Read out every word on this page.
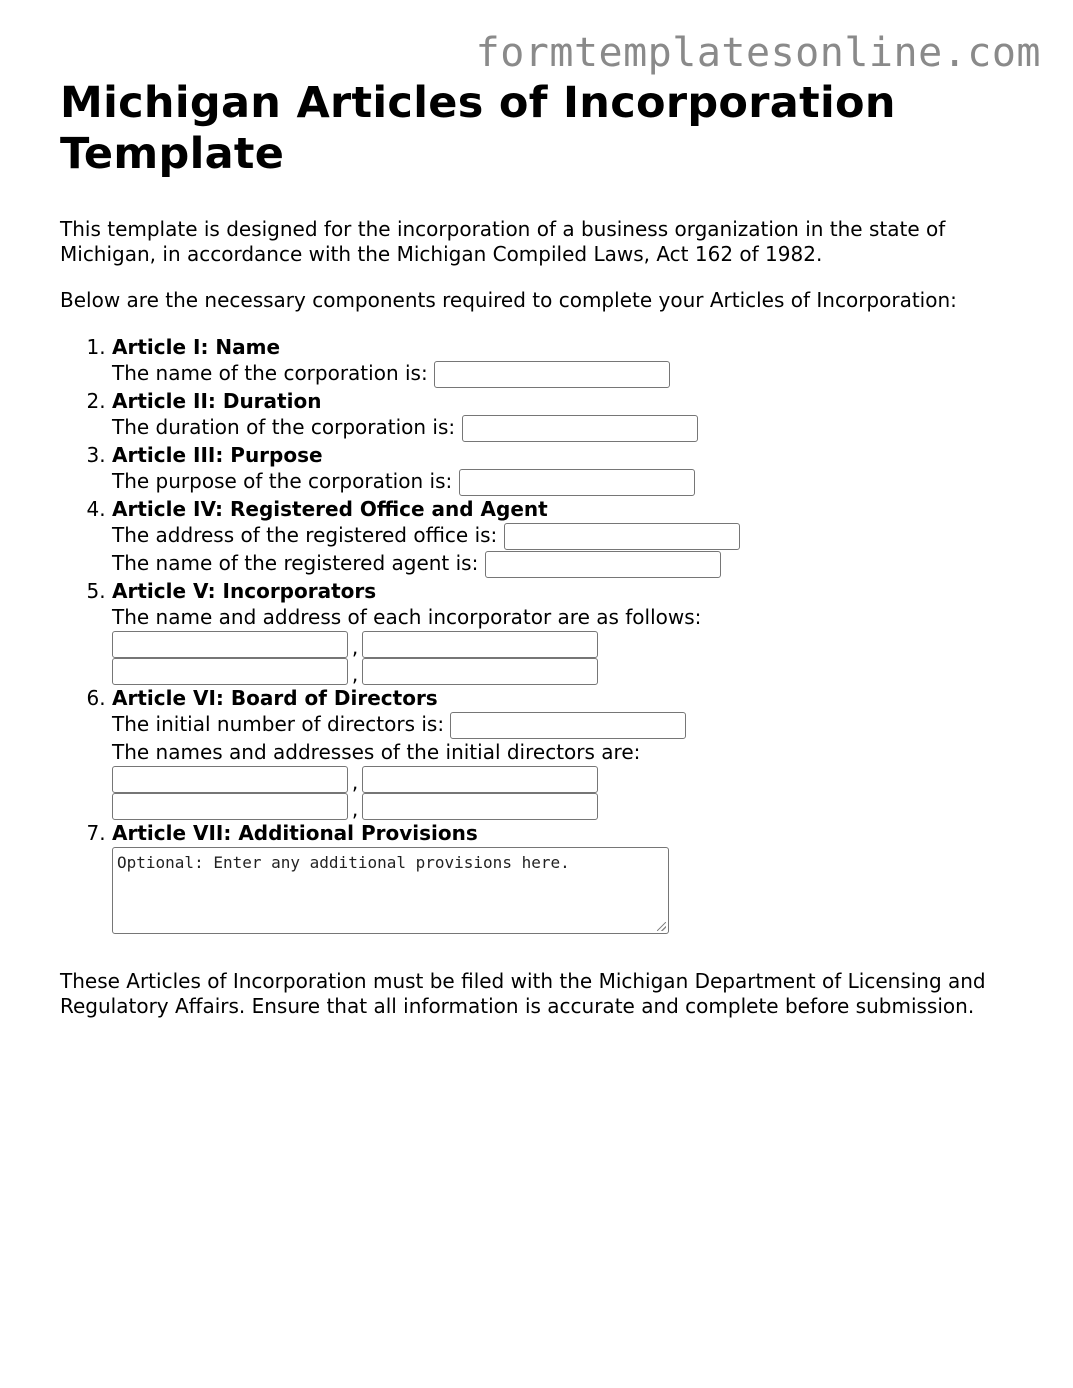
formtemplatesonline.com
Michigan Articles of Incorporation Template

This template is designed for the incorporation of a business organization in the state of Michigan, in accordance with the Michigan Compiled Laws, Act 162 of 1982.

Below are the necessary components required to complete your Articles of Incorporation:

1. Article I: Name
The name of the corporation is:
2. Article II: Duration
The duration of the corporation is:
3. Article III: Purpose
The purpose of the corporation is:
4. Article IV: Registered Office and Agent
The address of the registered office is:
The name of the registered agent is:
5. Article V: Incorporators
The name and address of each incorporator are as follows:
,
,
6. Article VI: Board of Directors
The initial number of directors is:
The names and addresses of the initial directors are:
,
,
7. Article VII: Additional Provisions
Optional: Enter any additional provisions here.

These Articles of Incorporation must be filed with the Michigan Department of Licensing and Regulatory Affairs. Ensure that all information is accurate and complete before submission.
